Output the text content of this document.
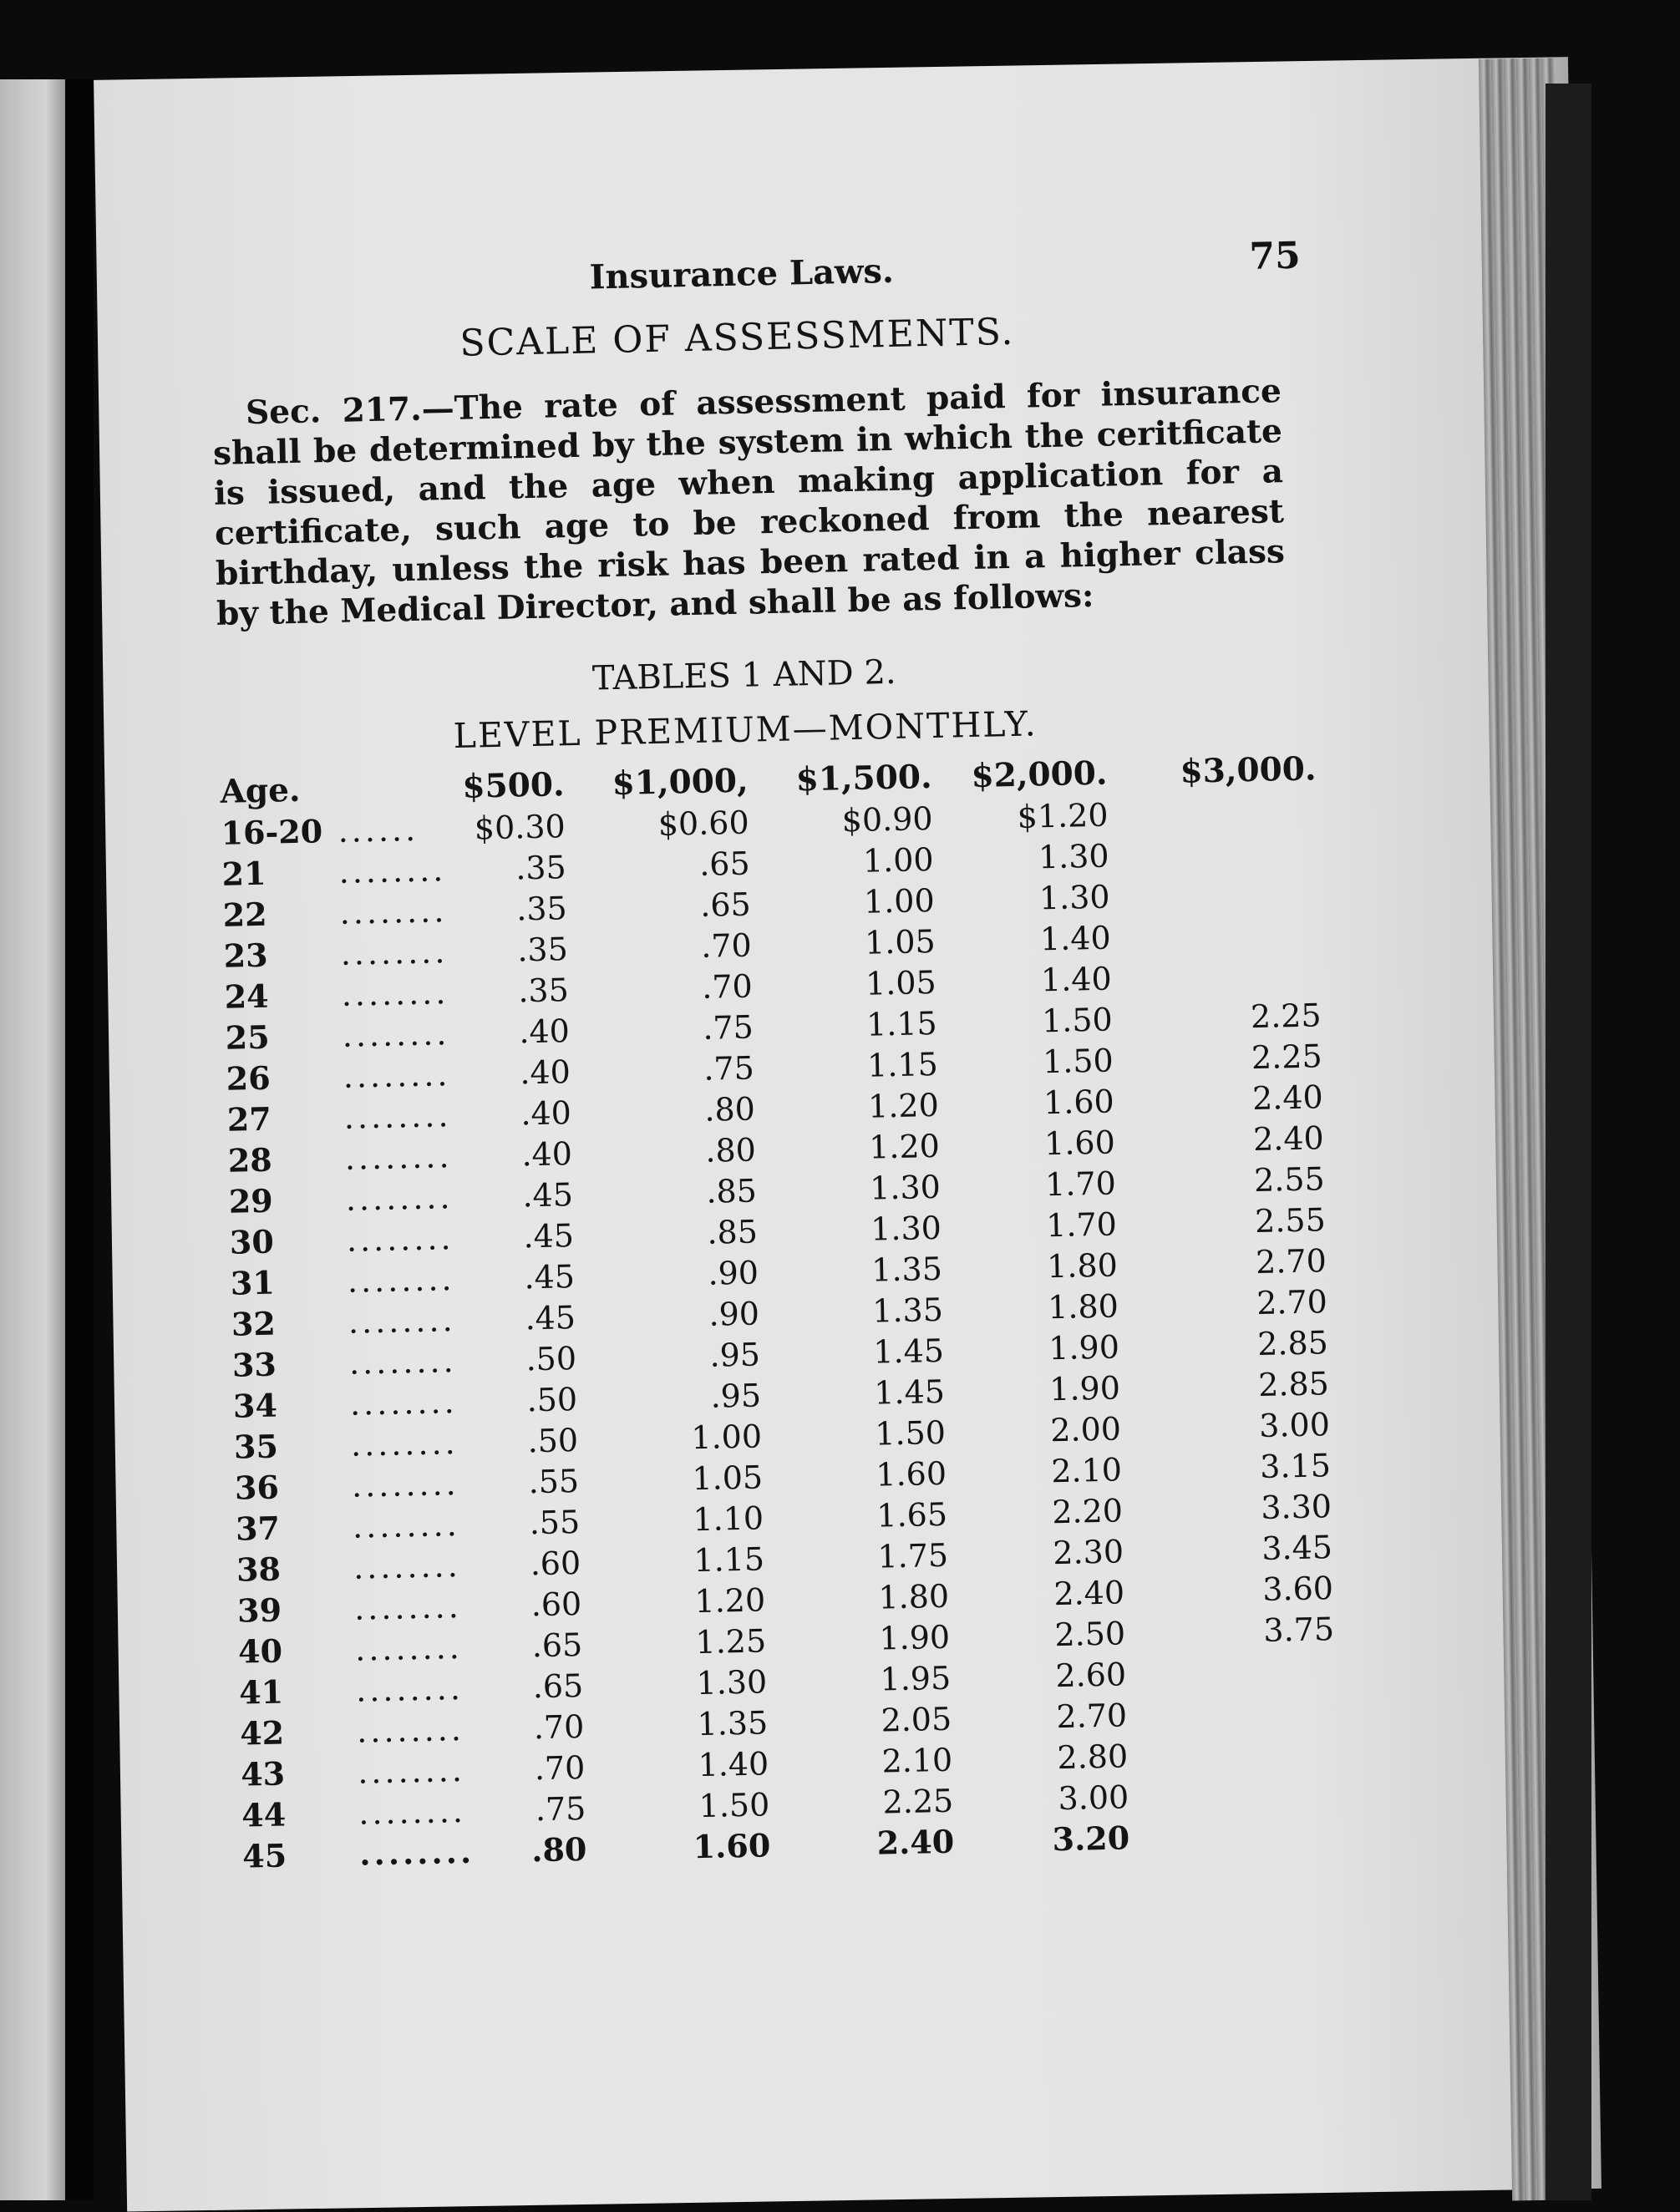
Insurance Laws.	75
SCALE OF ASSESSMENTS.
Sec. 217.—The rate of assessment paid for insurance shall be determined by the system in which the ceritficate is issued, and the age when making application for a certificate, such age to be reckoned from the nearest birthday, unless the risk has been rated in a higher class by the Medical Director, and shall be as follows:
TABLES 1 AND 2.
LEVEL PREMIUM—MONTHLY.
Age.		$500.	$1,000,	$1,500.	$2,000.	$3,000.
16-20	......	$0.30	$0.60	$0.90	$1.20	
21	........	.35	.65	1.00	1.30	
22	........	.35	.65	1.00	1.30	
23	........	.35	.70	1.05	1.40	
24	........	.35	.70	1.05	1.40	
25	........	.40	.75	1.15	1.50	2.25
26	........	.40	.75	1.15	1.50	2.25
27	........	.40	.80	1.20	1.60	2.40
28	........	.40	.80	1.20	1.60	2.40
29	........	.45	.85	1.30	1.70	2.55
30	........	.45	.85	1.30	1.70	2.55
31	........	.45	.90	1.35	1.80	2.70
32	........	.45	.90	1.35	1.80	2.70
33	........	.50	.95	1.45	1.90	2.85
34	........	.50	.95	1.45	1.90	2.85
35	........	.50	1.00	1.50	2.00	3.00
36	........	.55	1.05	1.60	2.10	3.15
37	........	.55	1.10	1.65	2.20	3.30
38	........	.60	1.15	1.75	2.30	3.45
39	........	.60	1.20	1.80	2.40	3.60
40	........	.65	1.25	1.90	2.50	3.75
41	........	.65	1.30	1.95	2.60	
42	........	.70	1.35	2.05	2.70	
43	........	.70	1.40	2.10	2.80	
44	........	.75	1.50	2.25	3.00	
45	........	.80	1.60	2.40	3.20	
